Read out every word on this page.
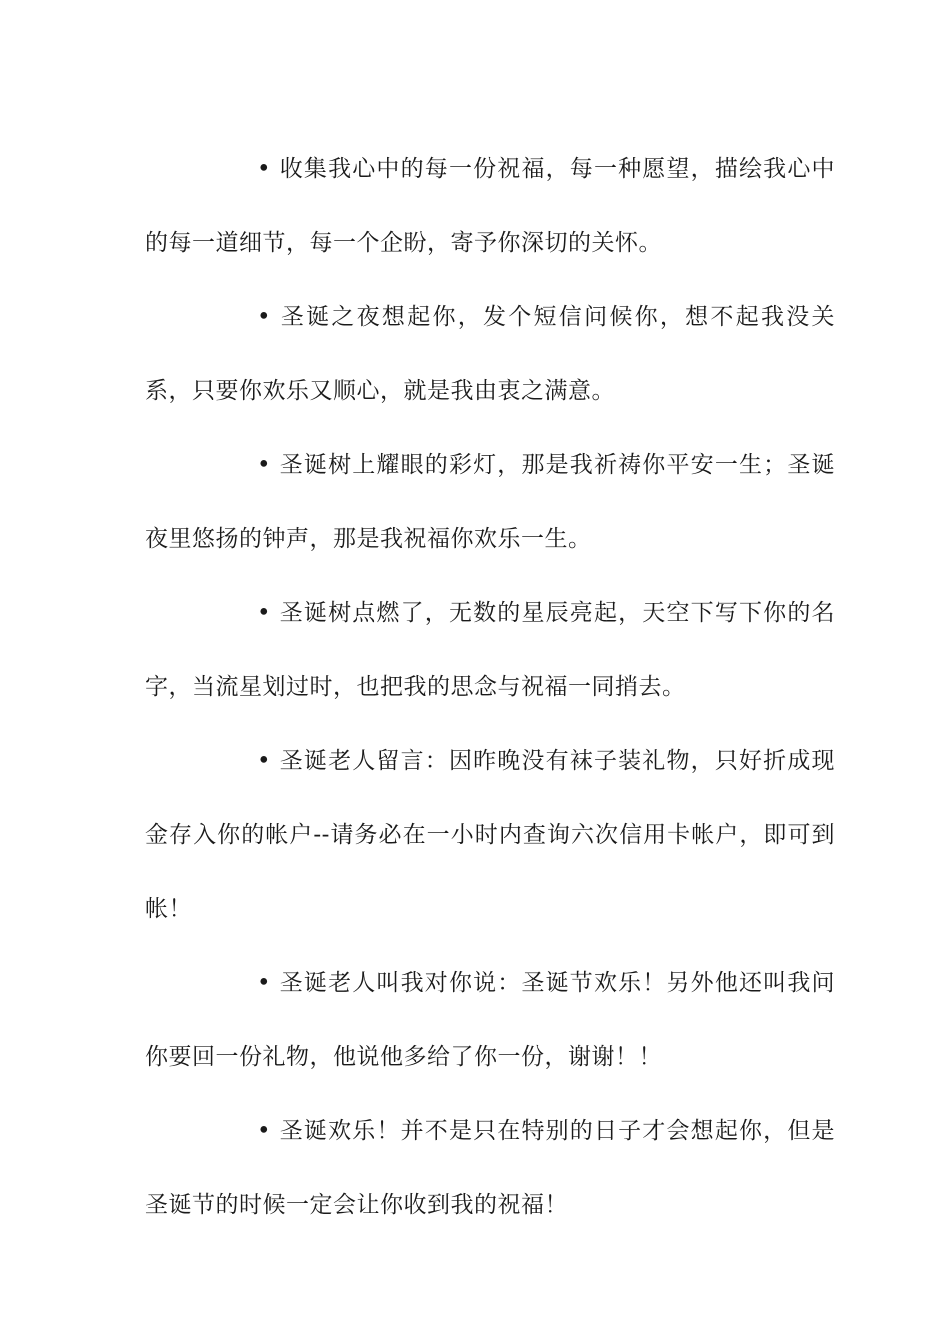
• 收集我心中的每一份祝福，每一种愿望，描绘我心中的每一道细节，每一个企盼，寄予你深切的关怀。

• 圣诞之夜想起你，发个短信问候你，想不起我没关系，只要你欢乐又顺心，就是我由衷之满意。

• 圣诞树上耀眼的彩灯，那是我祈祷你平安一生；圣诞夜里悠扬的钟声，那是我祝福你欢乐一生。

• 圣诞树点燃了，无数的星辰亮起，天空下写下你的名字，当流星划过时，也把我的思念与祝福一同捎去。

• 圣诞老人留言：因昨晚没有袜子装礼物，只好折成现金存入你的帐户--请务必在一小时内查询六次信用卡帐户，即可到帐！

• 圣诞老人叫我对你说：圣诞节欢乐！另外他还叫我问你要回一份礼物，他说他多给了你一份，谢谢！！

• 圣诞欢乐！并不是只在特别的日子才会想起你，但是圣诞节的时候一定会让你收到我的祝福！
